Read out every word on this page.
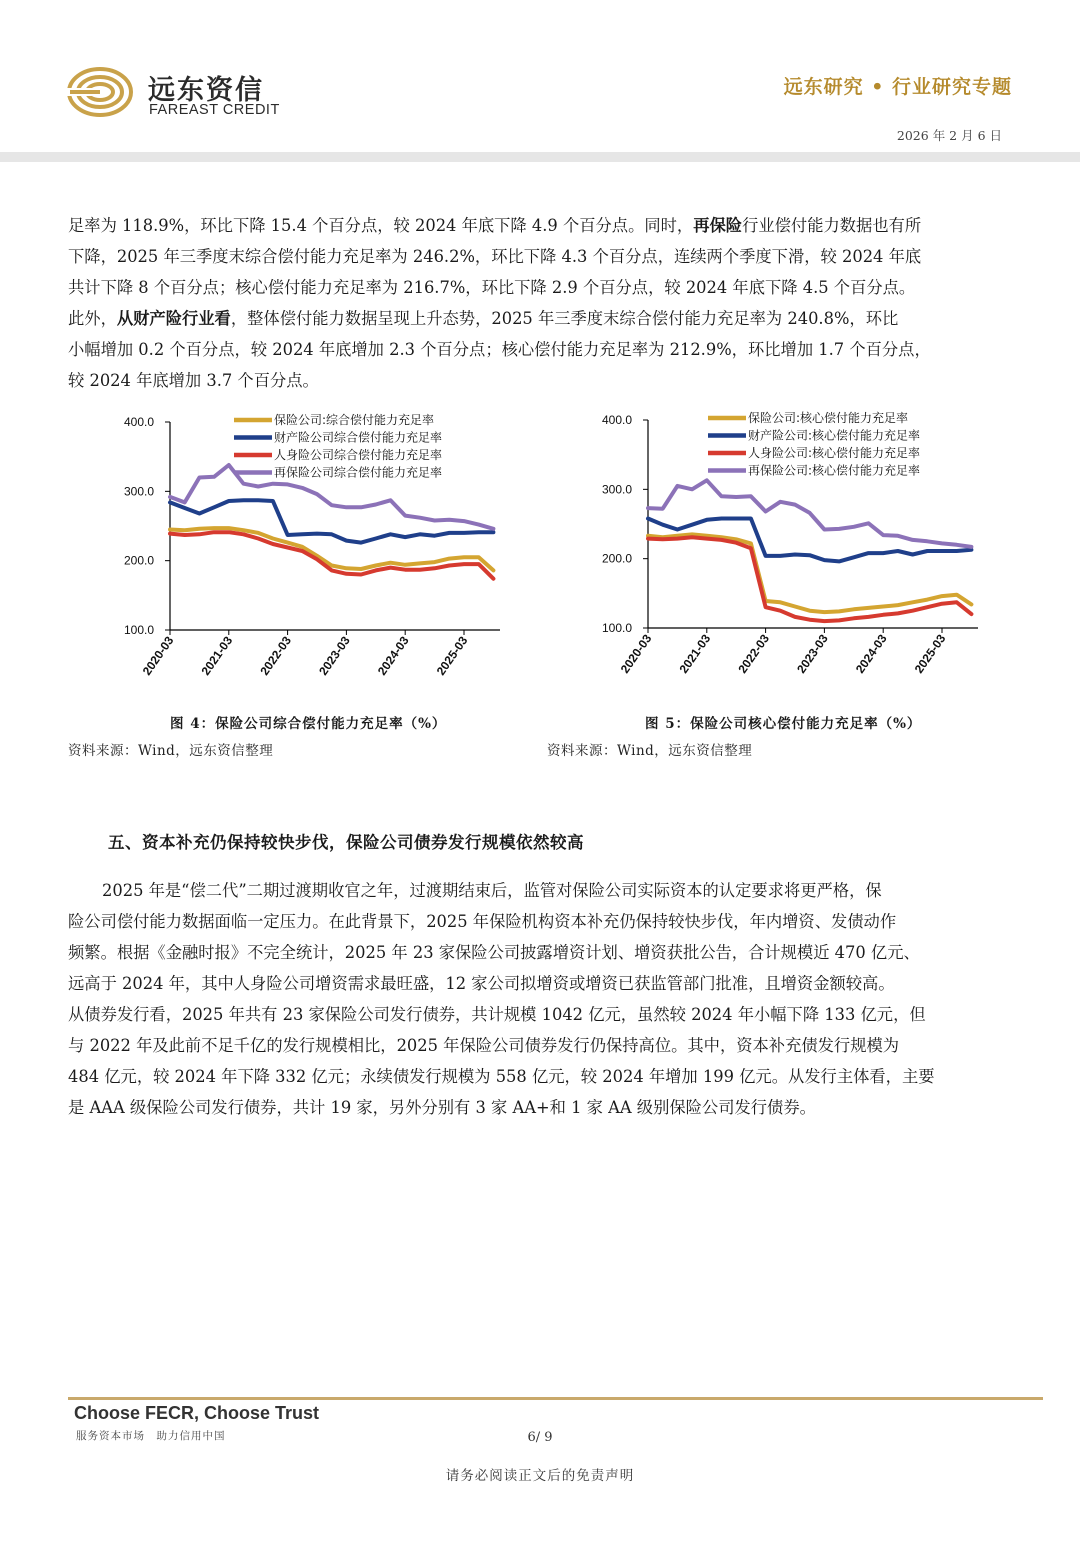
远东资信
FAREAST CREDIT
远东研究 • 行业研究专题
2026 年 2 月 6 日
足率为 118.9%，环比下降 15.4 个百分点，较 2024 年底下降 4.9 个百分点。同时，再保险行业偿付能力数据也有所
下降，2025 年三季度末综合偿付能力充足率为 246.2%，环比下降 4.3 个百分点，连续两个季度下滑，较 2024 年底
共计下降 8 个百分点；核心偿付能力充足率为 216.7%，环比下降 2.9 个百分点，较 2024 年底下降 4.5 个百分点。
此外，从财产险行业看，整体偿付能力数据呈现上升态势，2025 年三季度末综合偿付能力充足率为 240.8%，环比
小幅增加 0.2 个百分点，较 2024 年底增加 2.3 个百分点；核心偿付能力充足率为 212.9%，环比增加 1.7 个百分点，
较 2024 年底增加 3.7 个百分点。
400.0
300.0
200.0
100.0
2020-03 2021-03 2022-03 2023-03 2024-03 2025-03
保险公司:综合偿付能力充足率
财产险公司综合偿付能力充足率
人身险公司综合偿付能力充足率
再保险公司综合偿付能力充足率
400.0
300.0
200.0
100.0
2020-03 2021-03 2022-03 2023-03 2024-03 2025-03
保险公司:核心偿付能力充足率
财产险公司:核心偿付能力充足率
人身险公司:核心偿付能力充足率
再保险公司:核心偿付能力充足率
图 4：保险公司综合偿付能力充足率（%）
资料来源：Wind，远东资信整理
图 5：保险公司核心偿付能力充足率（%）
资料来源：Wind，远东资信整理
五、资本补充仍保持较快步伐，保险公司债券发行规模依然较高
2025 年是“偿二代”二期过渡期收官之年，过渡期结束后，监管对保险公司实际资本的认定要求将更严格，保
险公司偿付能力数据面临一定压力。在此背景下，2025 年保险机构资本补充仍保持较快步伐，年内增资、发债动作
频繁。根据《金融时报》不完全统计，2025 年 23 家保险公司披露增资计划、增资获批公告，合计规模近 470 亿元、
远高于 2024 年，其中人身险公司增资需求最旺盛，12 家公司拟增资或增资已获监管部门批准，且增资金额较高。
从债券发行看，2025 年共有 23 家保险公司发行债券，共计规模 1042 亿元，虽然较 2024 年小幅下降 133 亿元，但
与 2022 年及此前不足千亿的发行规模相比，2025 年保险公司债券发行仍保持高位。其中，资本补充债发行规模为
484 亿元，较 2024 年下降 332 亿元；永续债发行规模为 558 亿元，较 2024 年增加 199 亿元。从发行主体看，主要
是 AAA 级保险公司发行债券，共计 19 家，另外分别有 3 家 AA+和 1 家 AA 级别保险公司发行债券。
Choose FECR, Choose Trust
服务资本市场　助力信用中国	6/ 9
请务必阅读正文后的免责声明
